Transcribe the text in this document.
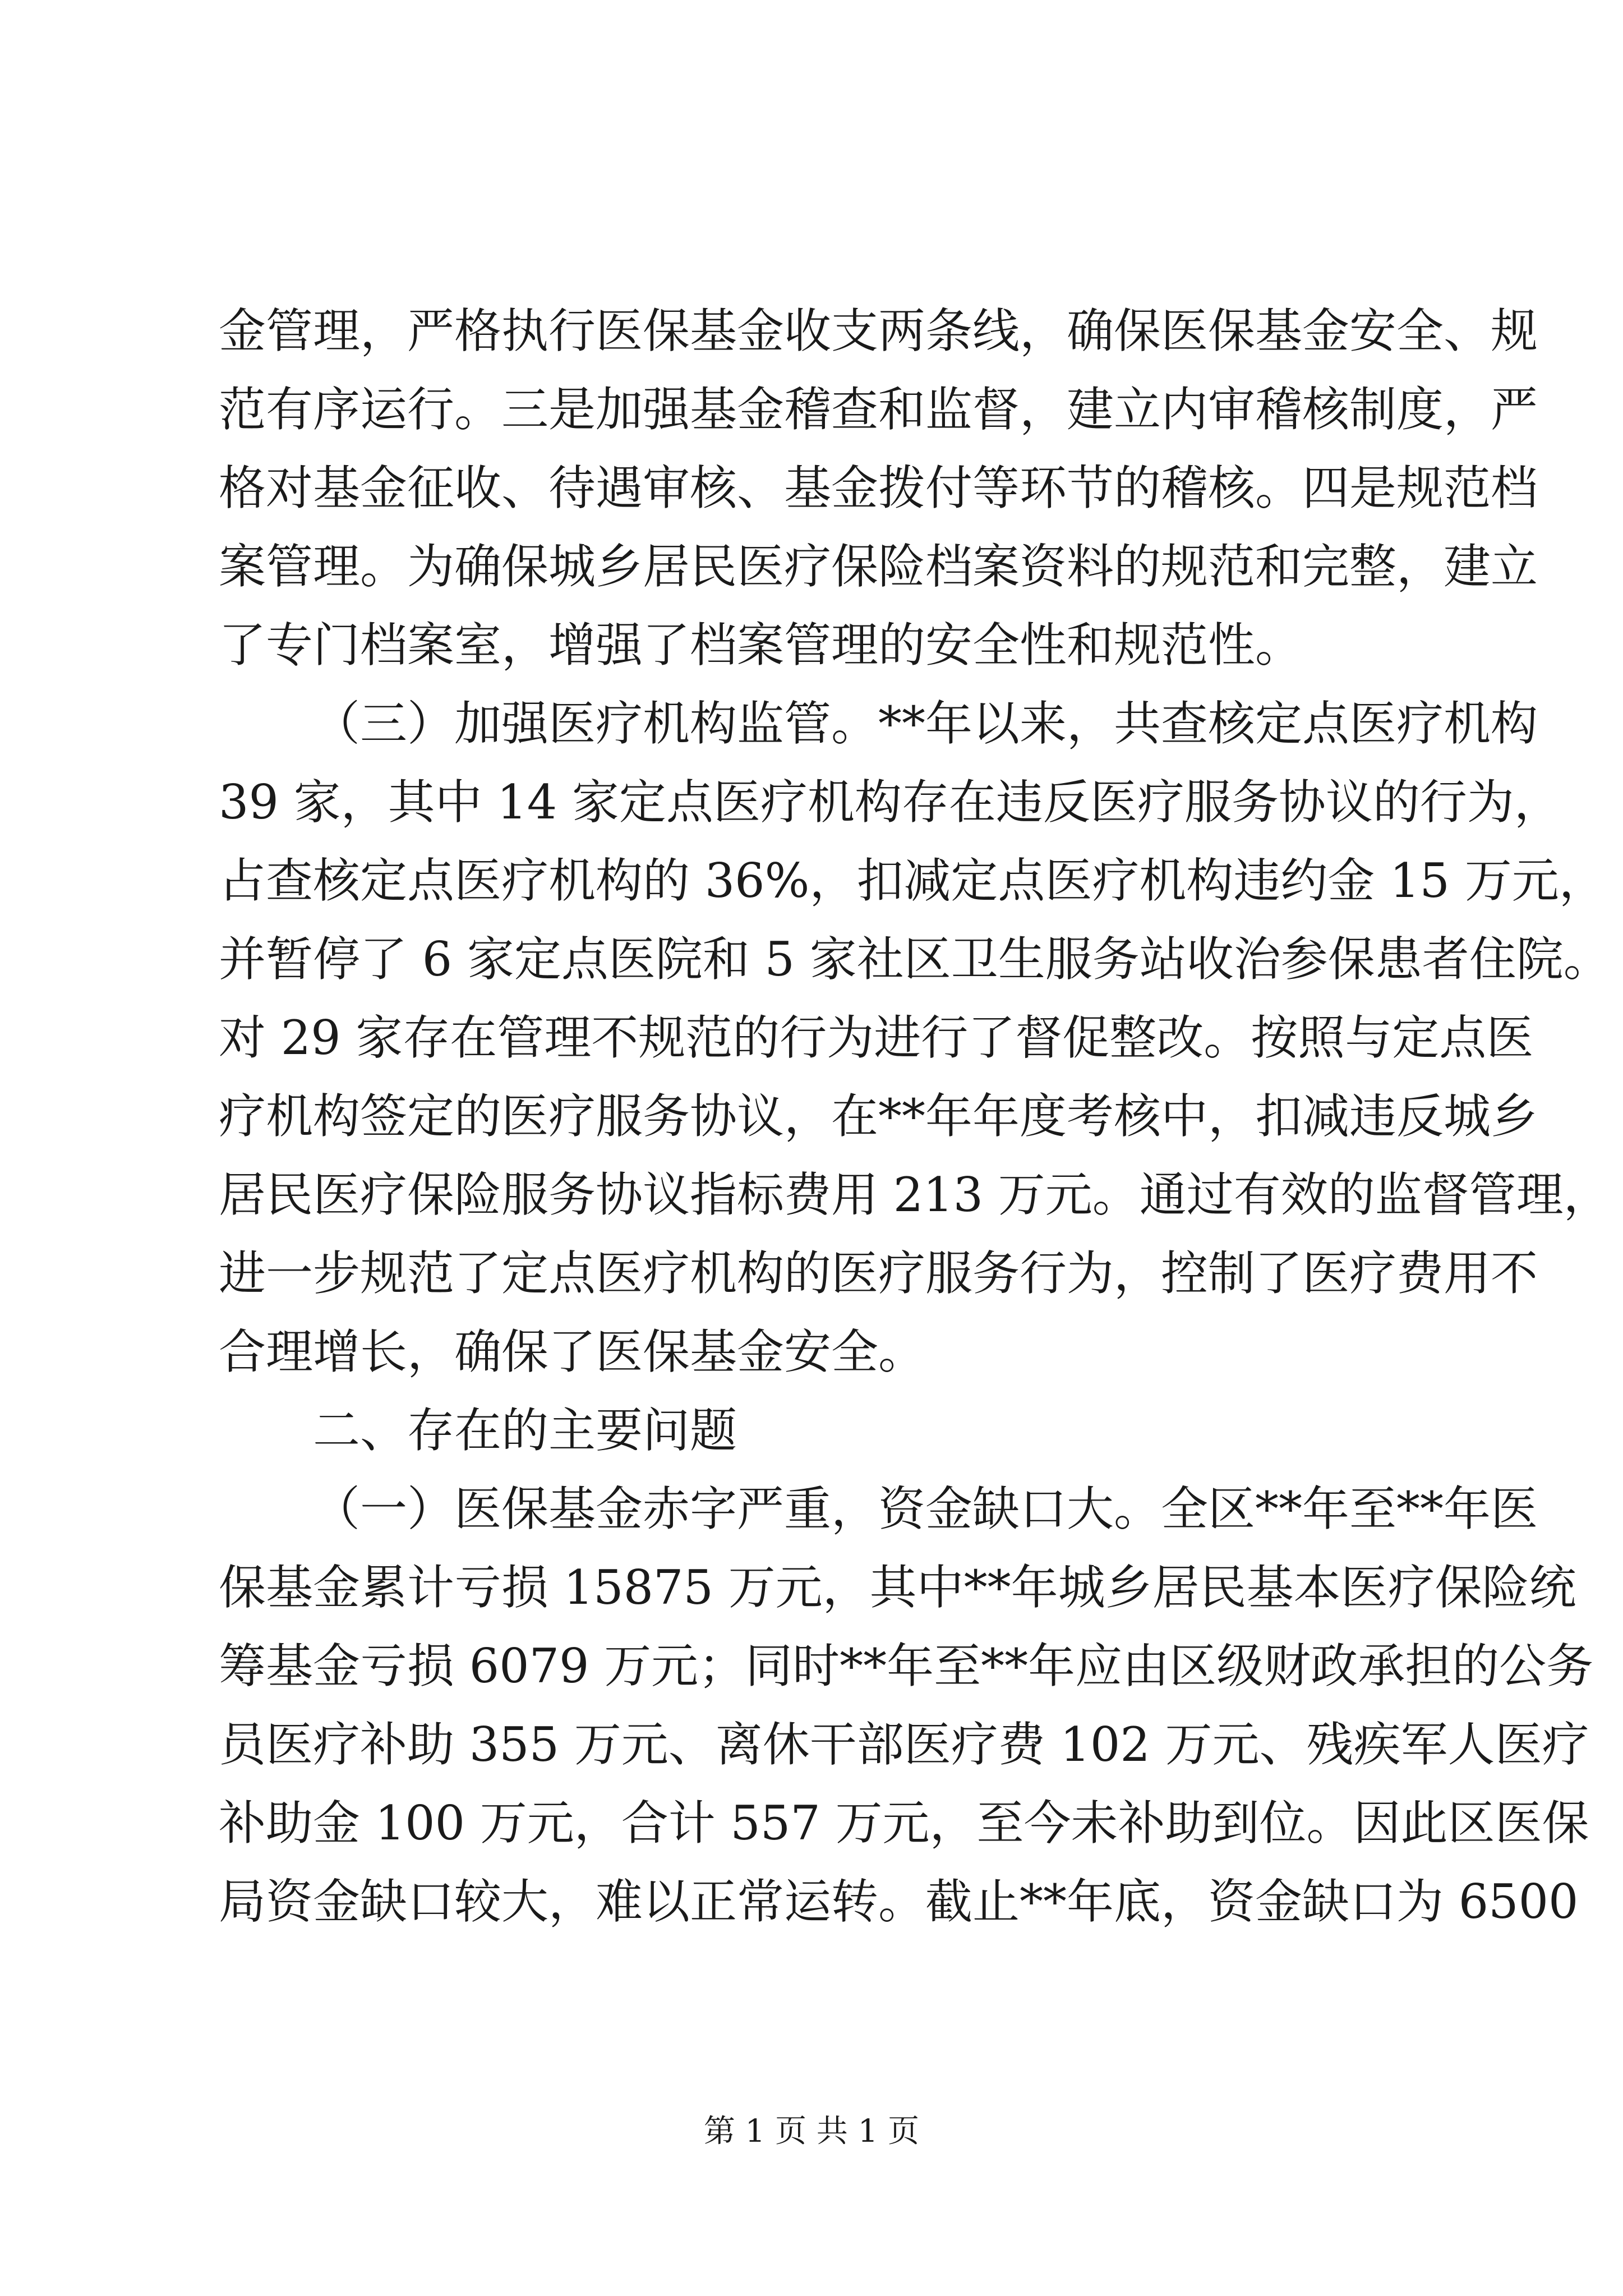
金管理，严格执行医保基金收支两条线，确保医保基金安全、规

范有序运行。三是加强基金稽查和监督，建立内审稽核制度，严

格对基金征收、待遇审核、基金拨付等环节的稽核。四是规范档

案管理。为确保城乡居民医疗保险档案资料的规范和完整，建立

了专门档案室，增强了档案管理的安全性和规范性。

（三）加强医疗机构监管。**年以来，共查核定点医疗机构

39 家，其中 14 家定点医疗机构存在违反医疗服务协议的行为，

占查核定点医疗机构的 36%，扣减定点医疗机构违约金 15 万元，

并暂停了 6 家定点医院和 5 家社区卫生服务站收治参保患者住院。

对 29 家存在管理不规范的行为进行了督促整改。按照与定点医

疗机构签定的医疗服务协议，在**年年度考核中，扣减违反城乡

居民医疗保险服务协议指标费用 213 万元。通过有效的监督管理，

进一步规范了定点医疗机构的医疗服务行为，控制了医疗费用不

合理增长，确保了医保基金安全。

二、存在的主要问题

（一）医保基金赤字严重，资金缺口大。全区**年至**年医

保基金累计亏损 15875 万元，其中**年城乡居民基本医疗保险统

筹基金亏损 6079 万元；同时**年至**年应由区级财政承担的公务

员医疗补助 355 万元、离休干部医疗费 102 万元、残疾军人医疗

补助金 100 万元，合计 557 万元，至今未补助到位。因此区医保

局资金缺口较大，难以正常运转。截止**年底，资金缺口为 6500

第 1 页 共 1 页
